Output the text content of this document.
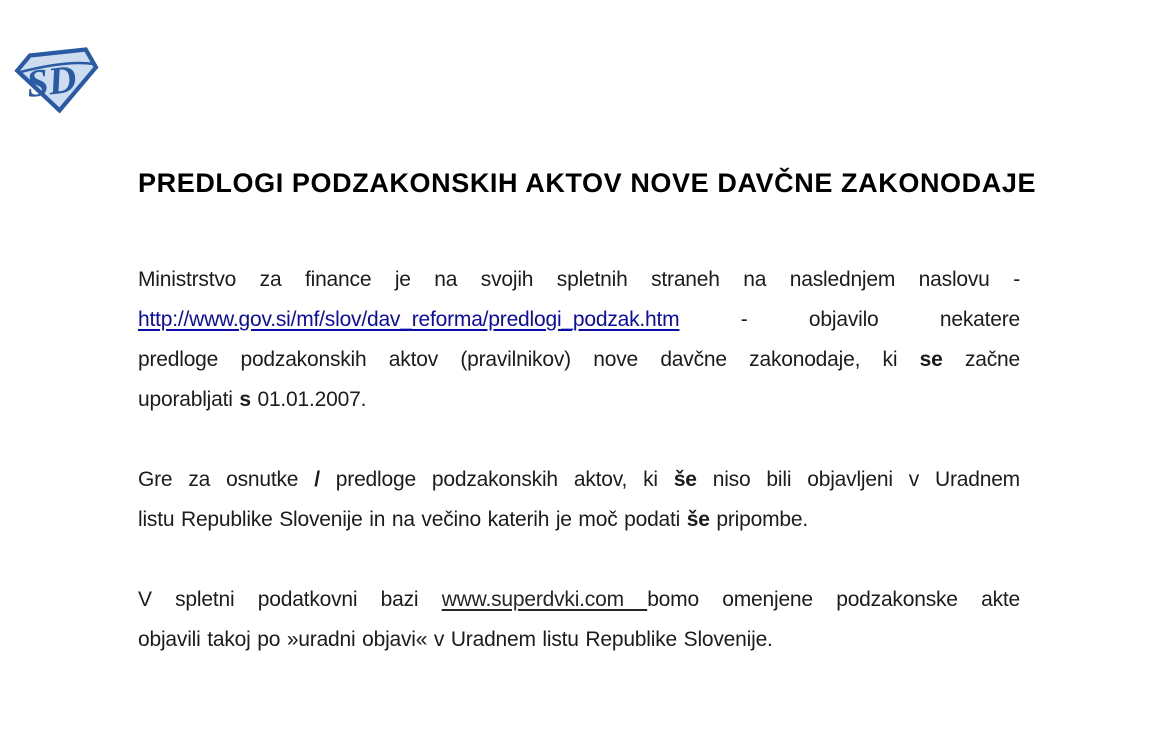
SD
PREDLOGI PODZAKONSKIH AKTOV NOVE DAVČNE ZAKONODAJE
Ministrstvo za finance je na svojih spletnih straneh na naslednjem naslovu -
http://www.gov.si/mf/slov/dav_reforma/predlogi_podzak.htm - objavilo nekatere
predloge podzakonskih aktov (pravilnikov) nove davčne zakonodaje, ki se začne
uporabljati s 01.01.2007.
Gre za osnutke / predloge podzakonskih aktov, ki še niso bili objavljeni v Uradnem
listu Republike Slovenije in na večino katerih je moč podati še pripombe.
V spletni podatkovni bazi www.superdvki.com bomo omenjene podzakonske akte
objavili takoj po »uradni objavi« v Uradnem listu Republike Slovenije.
